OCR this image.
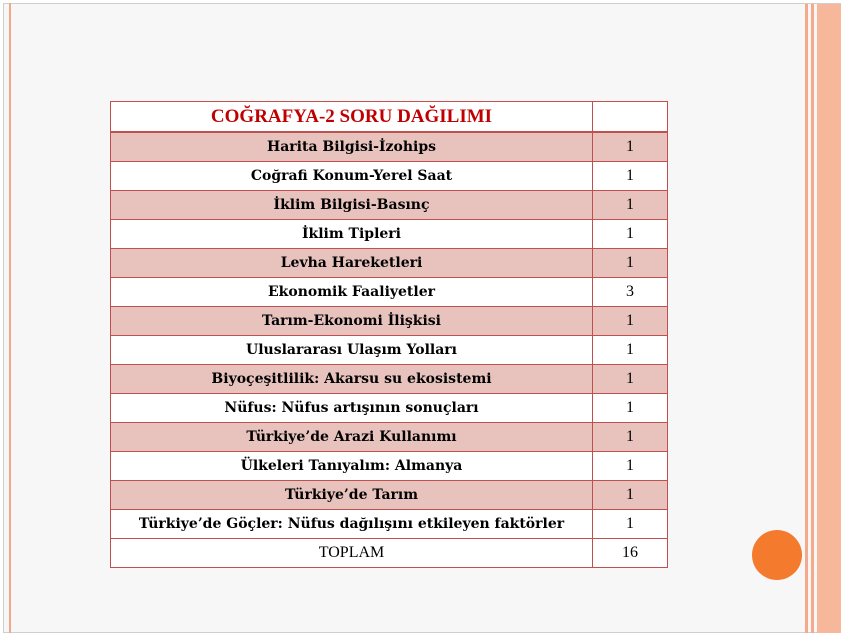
COĞRAFYA-2 SORU DAĞILIMI	
Harita Bilgisi-İzohips	1
Coğrafi Konum-Yerel Saat	1
İklim Bilgisi-Basınç	1
İklim Tipleri	1
Levha Hareketleri	1
Ekonomik Faaliyetler	3
Tarım-Ekonomi İlişkisi	1
Uluslararası Ulaşım Yolları	1
Biyoçeşitlilik: Akarsu su ekosistemi	1
Nüfus: Nüfus artışının sonuçları	1
Türkiye’de Arazi Kullanımı	1
Ülkeleri Tanıyalım: Almanya	1
Türkiye’de Tarım	1
Türkiye’de Göçler: Nüfus dağılışını etkileyen faktörler	1
TOPLAM	16
